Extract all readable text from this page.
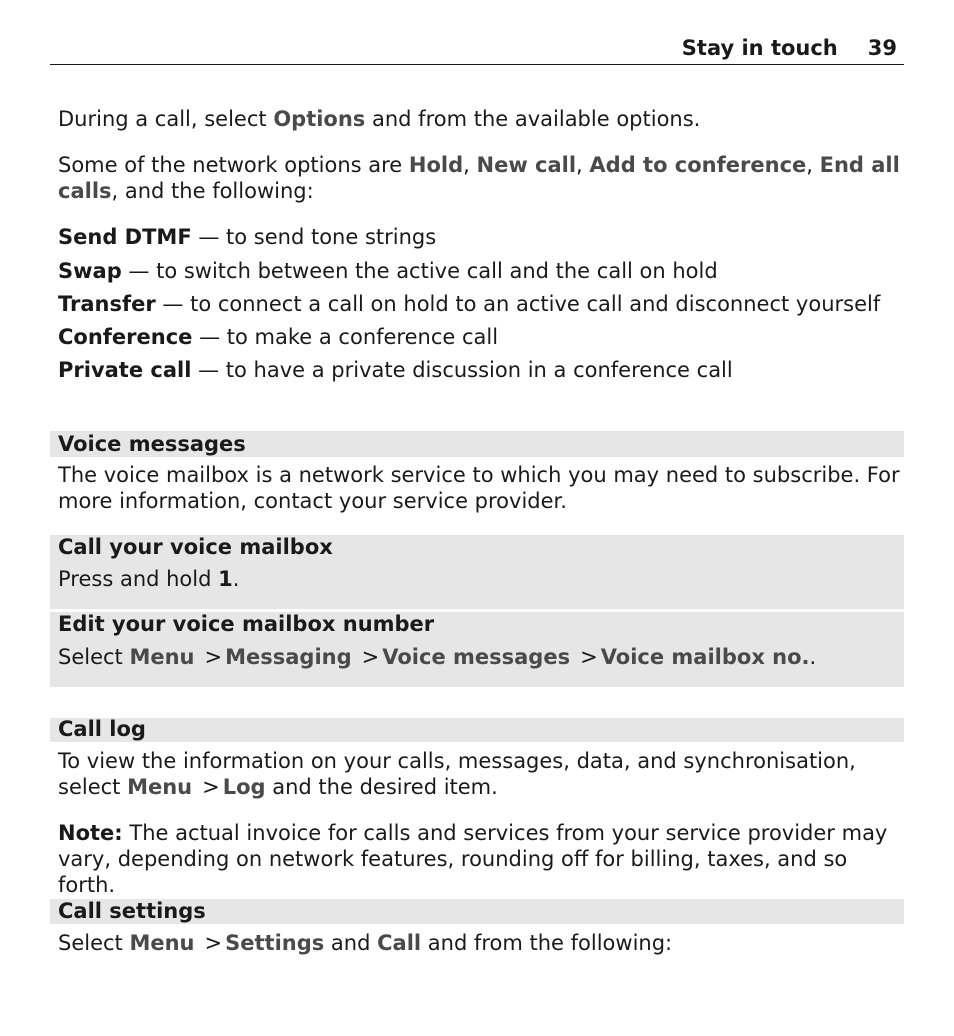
Stay in touch 39

During a call, select Options and from the available options.

Some of the network options are Hold, New call, Add to conference, End all calls, and the following:

Send DTMF — to send tone strings

Swap — to switch between the active call and the call on hold

Transfer — to connect a call on hold to an active call and disconnect yourself

Conference — to make a conference call

Private call — to have a private discussion in a conference call

Voice messages

The voice mailbox is a network service to which you may need to subscribe. For more information, contact your service provider.

Call your voice mailbox

Press and hold 1.

Edit your voice mailbox number

Select Menu > Messaging > Voice messages > Voice mailbox no..

Call log

To view the information on your calls, messages, data, and synchronisation, select Menu > Log and the desired item.

Note: The actual invoice for calls and services from your service provider may vary, depending on network features, rounding off for billing, taxes, and so forth.

Call settings

Select Menu > Settings and Call and from the following:
